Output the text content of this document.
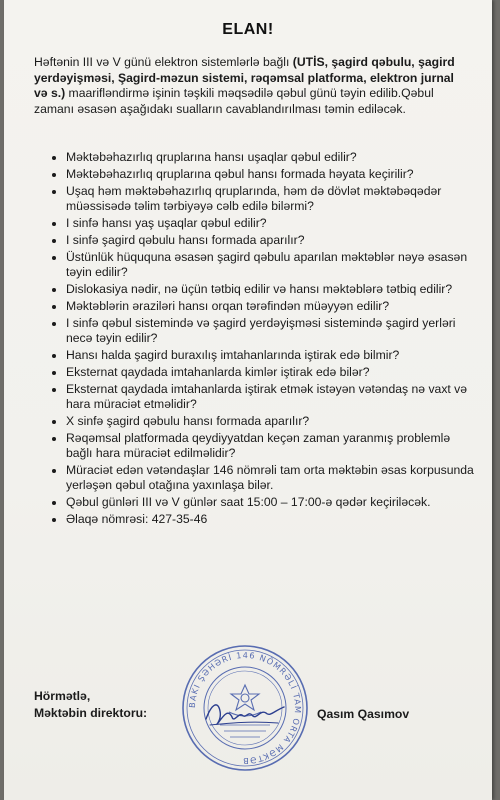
ELAN!

Həftənin III və V günü elektron sistemlərlə bağlı (UTİS, şagird qəbulu, şagird yerdəyişməsi, Şagird-məzun sistemi, rəqəmsal platforma, elektron jurnal və s.) maarifləndirmə işinin təşkili məqsədilə qəbul günü təyin edilib.Qəbul zamanı əsasən aşağıdakı sualların cavablandırılması təmin ediləcək.

• Məktəbəhazırlıq qruplarına hansı uşaqlar qəbul edilir?
• Məktəbəhazırlıq qruplarına qəbul hansı formada həyata keçirilir?
• Uşaq həm məktəbəhazırlıq qruplarında, həm də dövlət məktəbəqədər müəssisədə təlim tərbiyəyə cəlb edilə bilərmi?
• I sinfə hansı yaş uşaqlar qəbul edilir?
• I sinfə şagird qəbulu hansı formada aparılır?
• Üstünlük hüququna əsasən şagird qəbulu aparılan məktəblər nəyə əsasən təyin edilir?
• Dislokasiya nədir, nə üçün tətbiq edilir və hansı məktəblərə tətbiq edilir?
• Məktəblərin əraziləri hansı orqan tərəfindən müəyyən edilir?
• I sinfə qəbul sistemində və şagird yerdəyişməsi sistemində şagird yerləri necə təyin edilir?
• Hansı halda şagird buraxılış imtahanlarında iştirak edə bilmir?
• Eksternat qaydada imtahanlarda kimlər iştirak edə bilər?
• Eksternat qaydada imtahanlarda iştirak etmək istəyən vətəndaş nə vaxt və hara müraciət etməlidir?
• X sinfə şagird qəbulu hansı formada aparılır?
• Rəqəmsal platformada qeydiyyatdan keçən zaman yaranmış problemlə bağlı hara müraciət edilməlidir?
• Müraciət edən vətəndaşlar 146 nömrəli tam orta məktəbin əsas korpusunda yerləşən qəbul otağına yaxınlaşa bilər.
• Qəbul günləri III və V günlər saat 15:00 – 17:00-ə qədər keçiriləcək.
• Əlaqə nömrəsi: 427-35-46
BAKI ŞƏHƏRİ 146 NÖMRƏLİ TAM ORTA MƏKTƏB
Hörmətlə,
Məktəbin direktoru:	Qasım Qasımov
